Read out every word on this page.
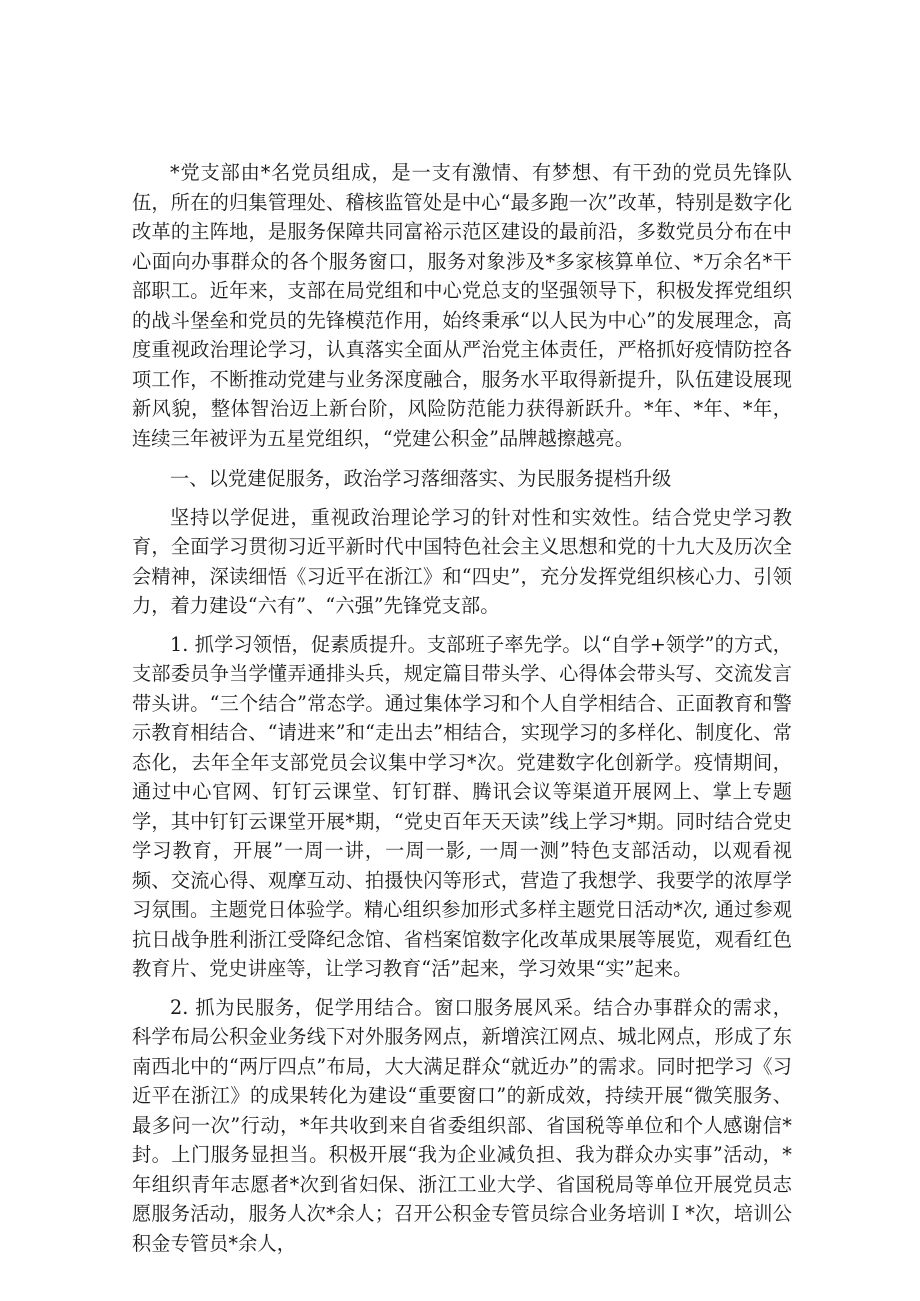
*党支部由*名党员组成，是一支有激情、有梦想、有干劲的党员先锋队伍，所在的归集管理处、稽核监管处是中心“最多跑一次”改革，特别是数字化改革的主阵地，是服务保障共同富裕示范区建设的最前沿，多数党员分布在中心面向办事群众的各个服务窗口，服务对象涉及*多家核算单位、*万余名*干部职工。近年来，支部在局党组和中心党总支的坚强领导下，积极发挥党组织的战斗堡垒和党员的先锋模范作用，始终秉承“以人民为中心”的发展理念，高度重视政治理论学习，认真落实全面从严治党主体责任，严格抓好疫情防控各项工作，不断推动党建与业务深度融合，服务水平取得新提升，队伍建设展现新风貌，整体智治迈上新台阶，风险防范能力获得新跃升。*年、*年、*年，连续三年被评为五星党组织，“党建公积金”品牌越擦越亮。

一、以党建促服务，政治学习落细落实、为民服务提档升级

坚持以学促进，重视政治理论学习的针对性和实效性。结合党史学习教育，全面学习贯彻习近平新时代中国特色社会主义思想和党的十九大及历次全会精神，深读细悟《习近平在浙江》和“四史”，充分发挥党组织核心力、引领力，着力建设“六有”、“六强”先锋党支部。

1. 抓学习领悟，促素质提升。支部班子率先学。以“自学+领学”的方式，支部委员争当学懂弄通排头兵，规定篇目带头学、心得体会带头写、交流发言带头讲。“三个结合”常态学。通过集体学习和个人自学相结合、正面教育和警示教育相结合、“请进来”和“走出去”相结合，实现学习的多样化、制度化、常态化，去年全年支部党员会议集中学习*次。党建数字化创新学。疫情期间，通过中心官网、钉钉云课堂、钉钉群、腾讯会议等渠道开展网上、掌上专题学，其中钉钉云课堂开展*期，“党史百年天天读”线上学习*期。同时结合党史学习教育，开展”一周一讲，一周一影, 一周一测”特色支部活动，以观看视频、交流心得、观摩互动、拍摄快闪等形式，营造了我想学、我要学的浓厚学习氛围。主题党日体验学。精心组织参加形式多样主题党日活动*次, 通过参观抗日战争胜利浙江受降纪念馆、省档案馆数字化改革成果展等展览，观看红色教育片、党史讲座等，让学习教育“活”起来，学习效果“实”起来。

2. 抓为民服务，促学用结合。窗口服务展风采。结合办事群众的需求，科学布局公积金业务线下对外服务网点，新增滨江网点、城北网点，形成了东南西北中的“两厅四点”布局，大大满足群众“就近办”的需求。同时把学习《习近平在浙江》的成果转化为建设“重要窗口”的新成效，持续开展“微笑服务、最多问一次”行动，*年共收到来自省委组织部、省国税等单位和个人感谢信*封。上门服务显担当。积极开展“我为企业减负担、我为群众办实事”活动，*年组织青年志愿者*次到省妇保、浙江工业大学、省国税局等单位开展党员志愿服务活动，服务人次*余人；召开公积金专管员综合业务培训Ｉ*次，培训公积金专管员*余人，
